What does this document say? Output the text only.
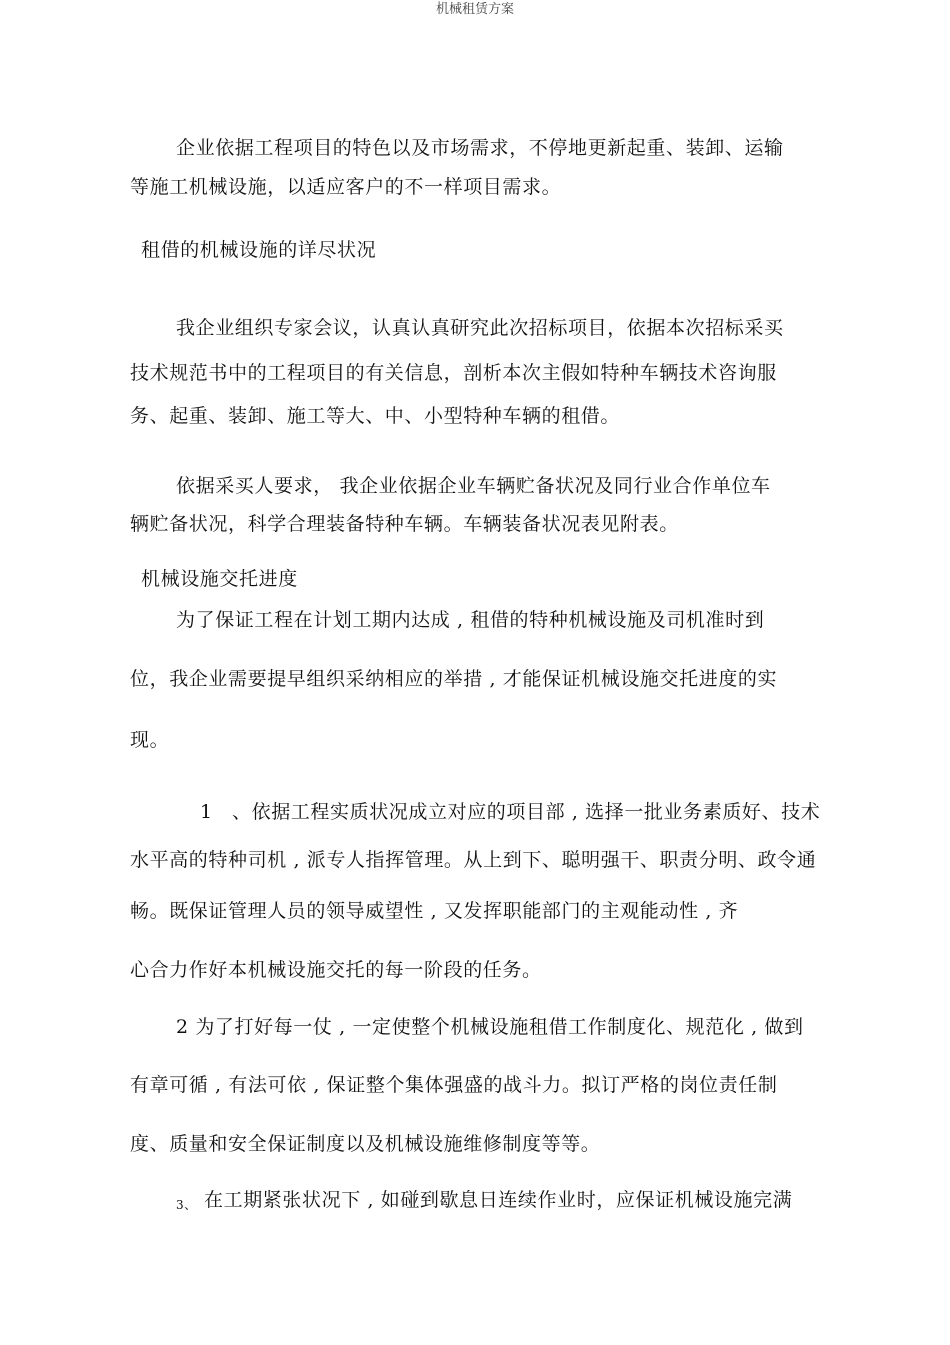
机械租赁方案
企业依据工程项目的特色以及市场需求，不停地更新起重、装卸、运输
等施工机械设施，以适应客户的不一样项目需求。
租借的机械设施的详尽状况
我企业组织专家会议，认真认真研究此次招标项目，依据本次招标采买
技术规范书中的工程项目的有关信息，剖析本次主假如特种车辆技术咨询服
务、起重、装卸、施工等大、中、小型特种车辆的租借。
依据采买人要求， 我企业依据企业车辆贮备状况及同行业合作单位车
辆贮备状况，科学合理装备特种车辆。车辆装备状况表见附表。
机械设施交托进度
为了保证工程在计划工期内达成 , 租借的特种机械设施及司机准时到
位，我企业需要提早组织采纳相应的举措 , 才能保证机械设施交托进度的实
现。
1 、依据工程实质状况成立对应的项目部 , 选择一批业务素质好、技术
水平高的特种司机 , 派专人指挥管理。从上到下、聪明强干、职责分明、政令通
畅。既保证管理人员的领导威望性 , 又发挥职能部门的主观能动性 , 齐
心合力作好本机械设施交托的每一阶段的任务。
2 为了打好每一仗 , 一定使整个机械设施租借工作制度化、规范化 , 做到
有章可循 , 有法可依 , 保证整个集体强盛的战斗力。拟订严格的岗位责任制
度、质量和安全保证制度以及机械设施维修制度等等。
3、 在工期紧张状况下 , 如碰到歇息日连续作业时，应保证机械设施完满
